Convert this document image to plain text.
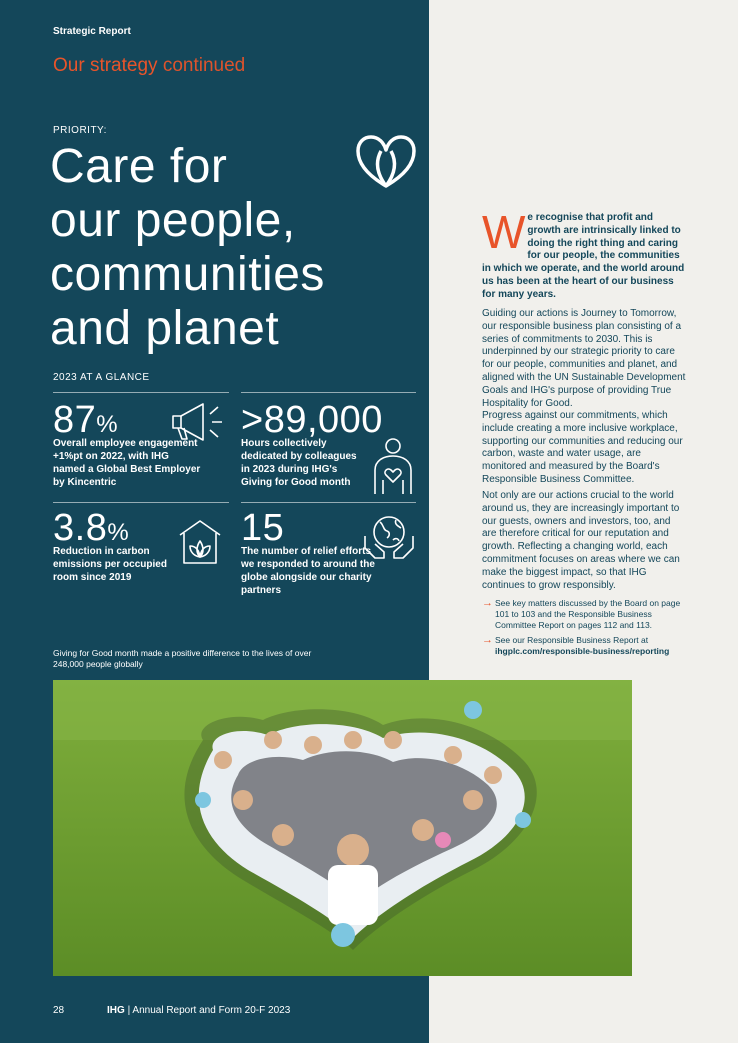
Strategic Report
Our strategy continued
PRIORITY:
Care for
our people,
communities
and planet
2023 AT A GLANCE
87%
Overall employee engagement +1%pt on 2022, with IHG named a Global Best Employer by Kincentric
>89,000
Hours collectively dedicated by colleagues in 2023 during IHG's Giving for Good month
3.8%
Reduction in carbon emissions per occupied room since 2019
15
The number of relief efforts we responded to around the globe alongside our charity partners
Giving for Good month made a positive difference to the lives of over 248,000 people globally
28	IHG | Annual Report and Form 20-F 2023
We recognise that profit and growth are intrinsically linked to doing the right thing and caring for our people, the communities in which we operate, and the world around us has been at the heart of our business for many years.
Guiding our actions is Journey to Tomorrow, our responsible business plan consisting of a series of commitments to 2030. This is underpinned by our strategic priority to care for our people, communities and planet, and aligned with the UN Sustainable Development Goals and IHG's purpose of providing True Hospitality for Good.
Progress against our commitments, which include creating a more inclusive workplace, supporting our communities and reducing our carbon, waste and water usage, are monitored and measured by the Board's Responsible Business Committee.
Not only are our actions crucial to the world around us, they are increasingly important to our guests, owners and investors, too, and are therefore critical for our reputation and growth. Reflecting a changing world, each commitment focuses on areas where we can make the biggest impact, so that IHG continues to grow responsibly.
→ See key matters discussed by the Board on page 101 to 103 and the Responsible Business Committee Report on pages 112 and 113.
→ See our Responsible Business Report at
ihgplc.com/responsible-business/reporting
